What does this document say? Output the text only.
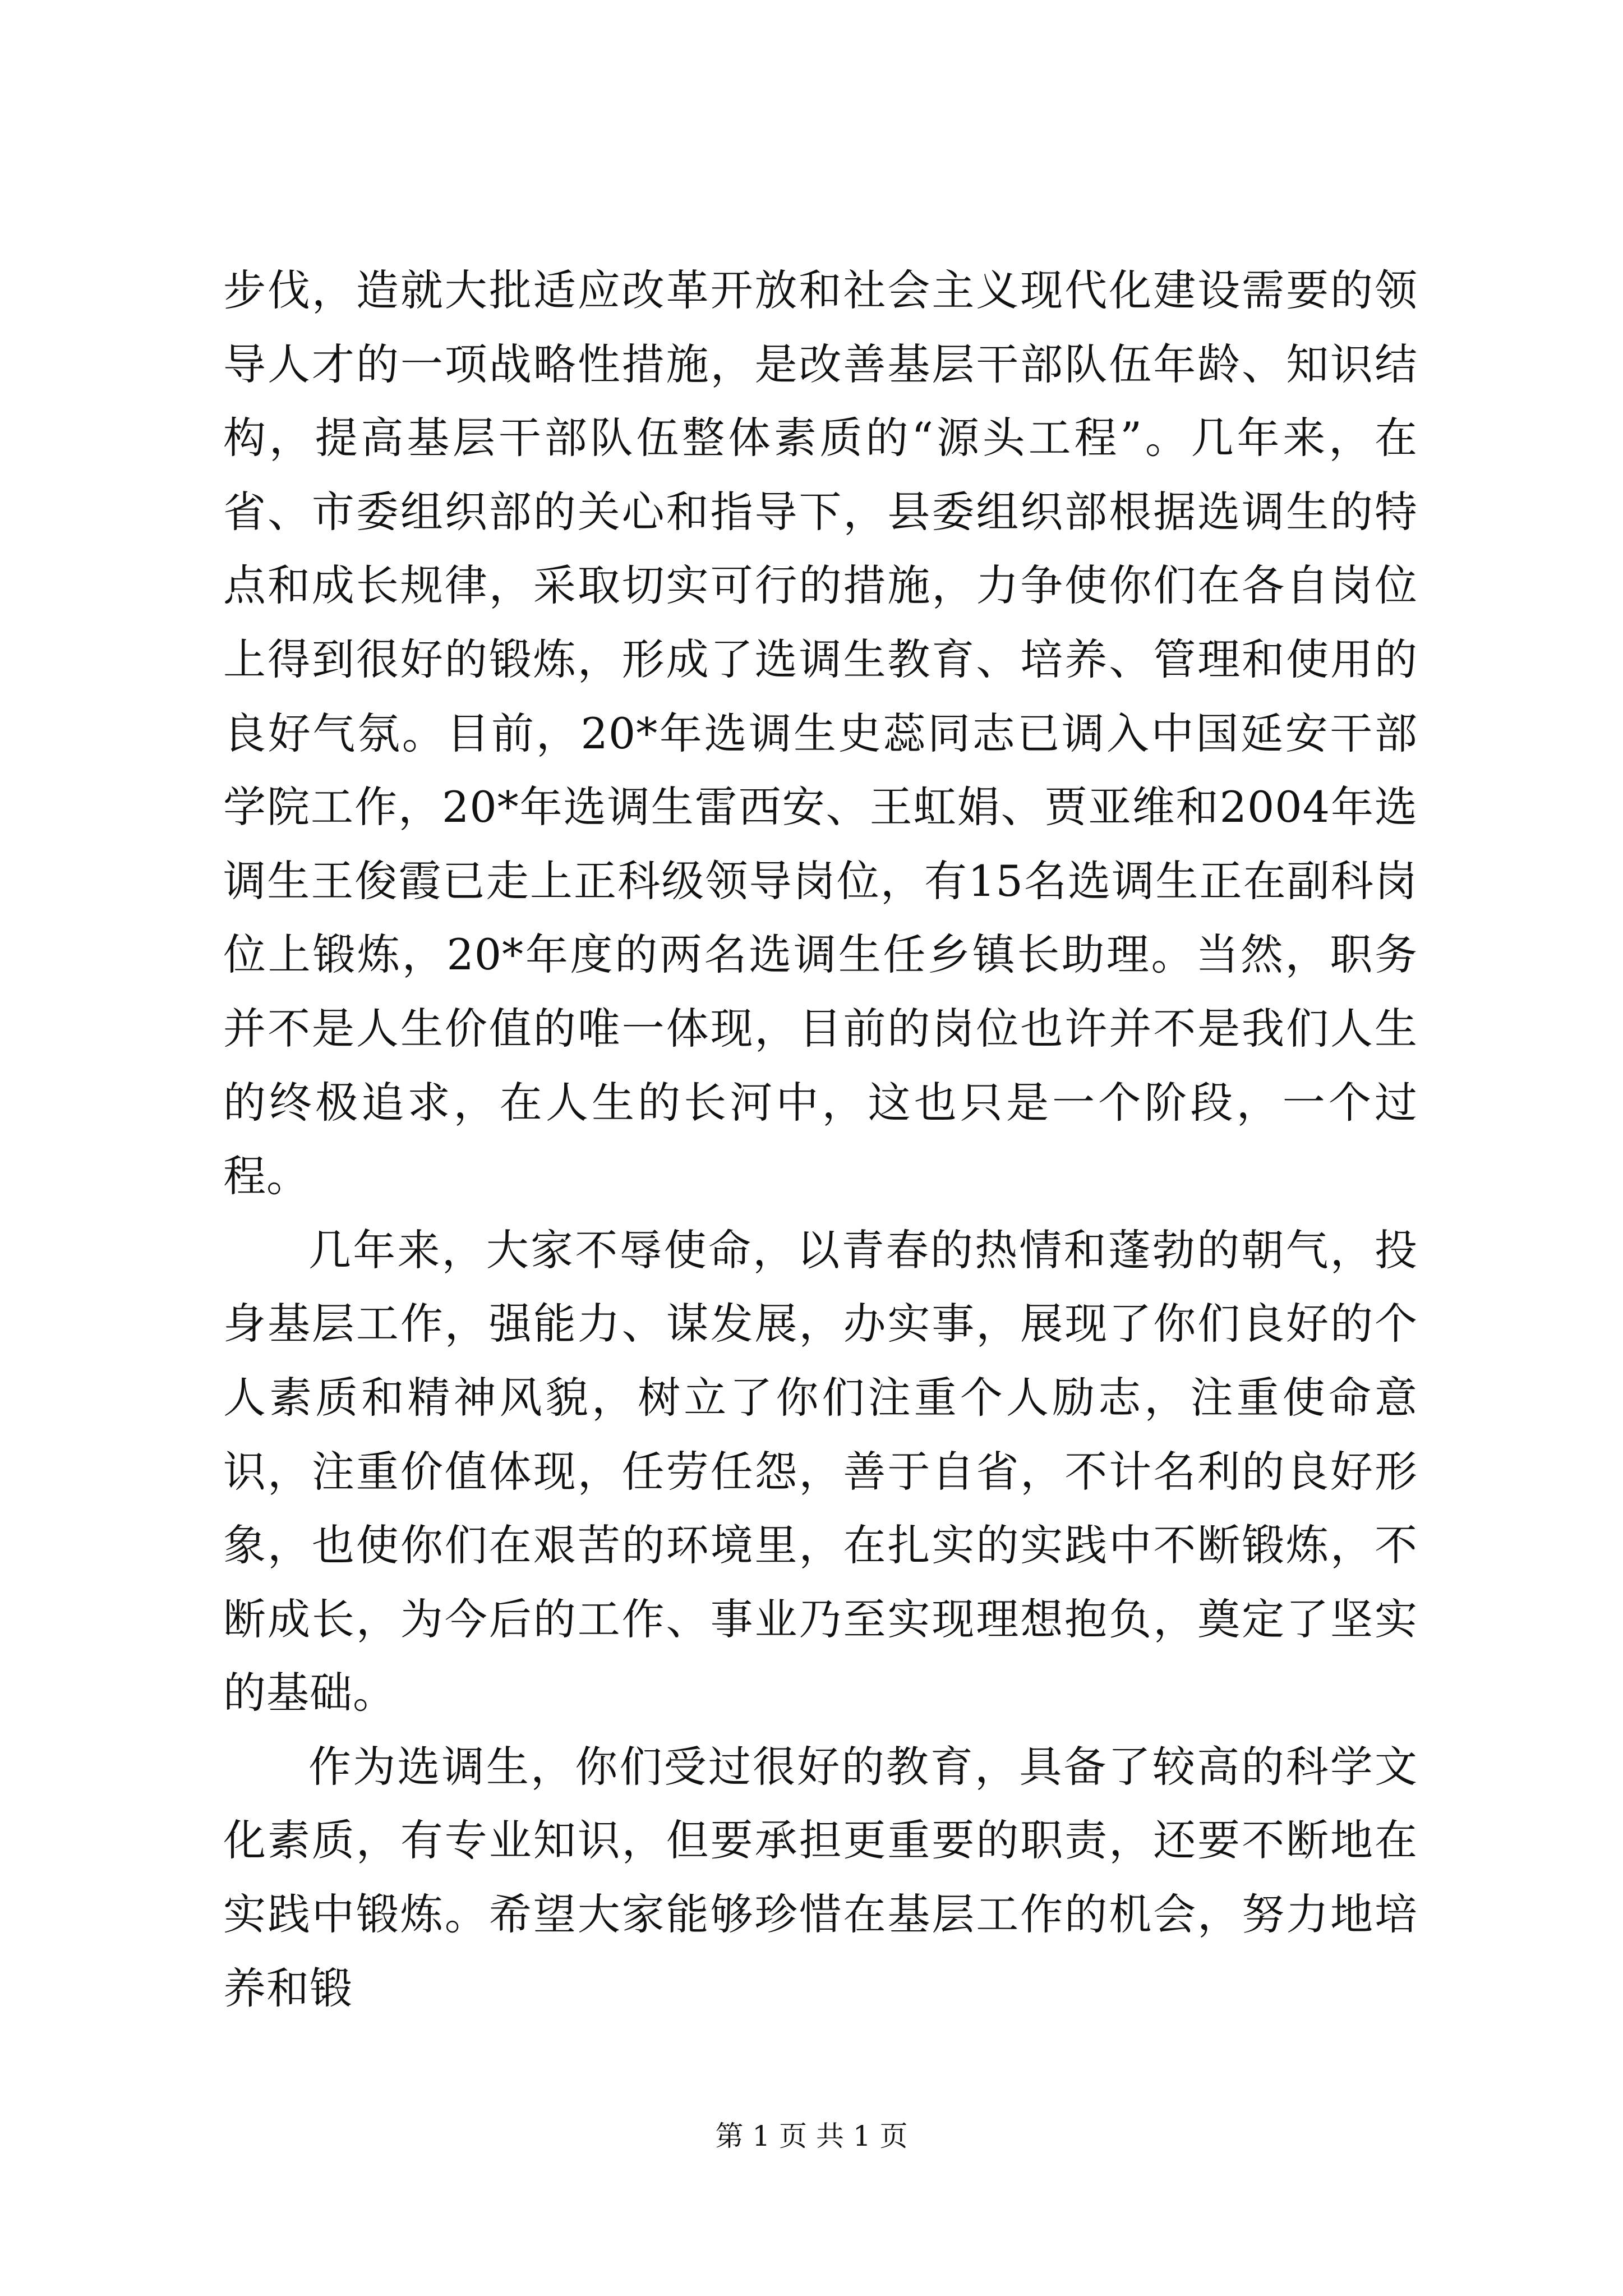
步伐，造就大批适应改革开放和社会主义现代化建设需要的领导人才的一项战略性措施，是改善基层干部队伍年龄、知识结构，提高基层干部队伍整体素质的“源头工程”。几年来，在省、市委组织部的关心和指导下，县委组织部根据选调生的特点和成长规律，采取切实可行的措施，力争使你们在各自岗位上得到很好的锻炼，形成了选调生教育、培养、管理和使用的良好气氛。目前，20*年选调生史蕊同志已调入中国延安干部学院工作，20*年选调生雷西安、王虹娟、贾亚维和2004年选调生王俊霞已走上正科级领导岗位，有15名选调生正在副科岗位上锻炼，20*年度的两名选调生任乡镇长助理。当然，职务并不是人生价值的唯一体现，目前的岗位也许并不是我们人生的终极追求，在人生的长河中，这也只是一个阶段，一个过程。

几年来，大家不辱使命，以青春的热情和蓬勃的朝气，投身基层工作，强能力、谋发展，办实事，展现了你们良好的个人素质和精神风貌，树立了你们注重个人励志，注重使命意识，注重价值体现，任劳任怨，善于自省，不计名利的良好形象，也使你们在艰苦的环境里，在扎实的实践中不断锻炼，不断成长，为今后的工作、事业乃至实现理想抱负，奠定了坚实的基础。

作为选调生，你们受过很好的教育，具备了较高的科学文化素质，有专业知识，但要承担更重要的职责，还要不断地在实践中锻炼。希望大家能够珍惜在基层工作的机会，努力地培养和锻

第 1 页 共 1 页
